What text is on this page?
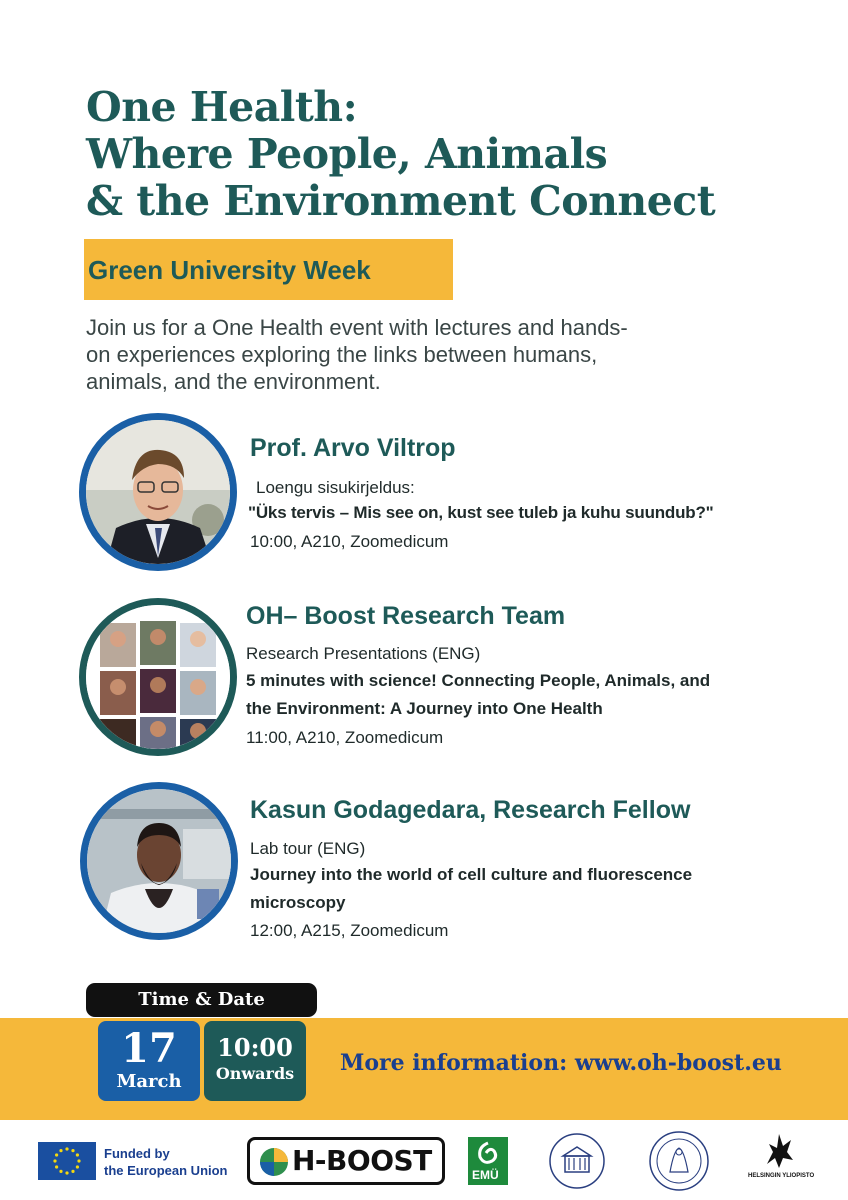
One Health:
Where People, Animals
& the Environment Connect
Green University Week
Join us for a One Health event with lectures and hands-
on experiences exploring the links between humans,
animals, and the environment.
Prof. Arvo Viltrop
Loengu sisukirjeldus:
"Üks tervis – Mis see on, kust see tuleb ja kuhu suundub?"
10:00, A210, Zoomedicum
OH– Boost Research Team
Research Presentations (ENG)
5 minutes with science! Connecting People, Animals, and
the Environment: A Journey into One Health
11:00, A210, Zoomedicum
Kasun Godagedara, Research Fellow
Lab tour (ENG)
Journey into the world of cell culture and fluorescence
microscopy
12:00, A215, Zoomedicum
Time & Date
17
March
10:00
Onwards	More information: www.oh-boost.eu
Funded by
the European Union H-BOOST	EMÜ	HELSINGIN YLIOPISTO
